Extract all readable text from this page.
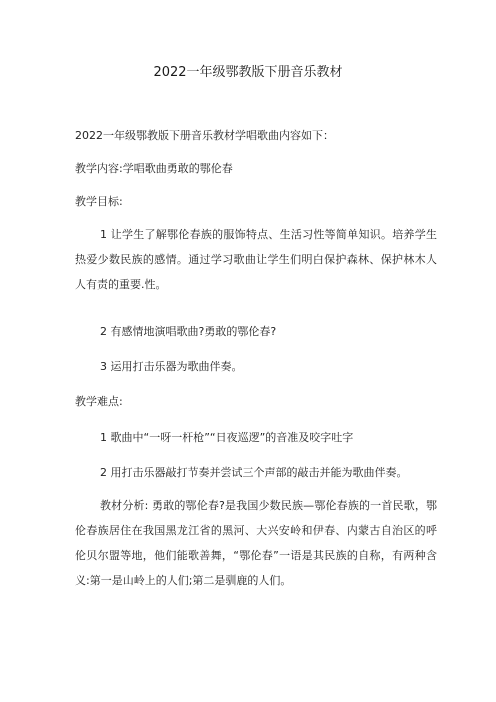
2022一年级鄂教版下册音乐教材
2022一年级鄂教版下册音乐教材学唱歌曲内容如下：
教学内容:学唱歌曲勇敢的鄂伦春
教学目标:
1 让学生了解鄂伦春族的服饰特点、生活习性等简单知识。培养学生热爱少数民族的感情。通过学习歌曲让学生们明白保护森林、保护林木人人有责的重要.性。
2 有感情地演唱歌曲?勇敢的鄂伦春?
3 运用打击乐器为歌曲伴奏。
教学难点:
1 歌曲中“一呀一杆枪”“日夜巡逻”的音准及咬字吐字
2 用打击乐器敲打节奏并尝试三个声部的敲击并能为歌曲伴奏。
教材分析: 勇敢的鄂伦春?是我国少数民族—鄂伦春族的一首民歌，鄂伦春族居住在我国黑龙江省的黑河、大兴安岭和伊春、内蒙古自治区的呼伦贝尔盟等地，他们能歌善舞，“鄂伦春”一语是其民族的自称，有两种含义:第一是山岭上的人们;第二是驯鹿的人们。
